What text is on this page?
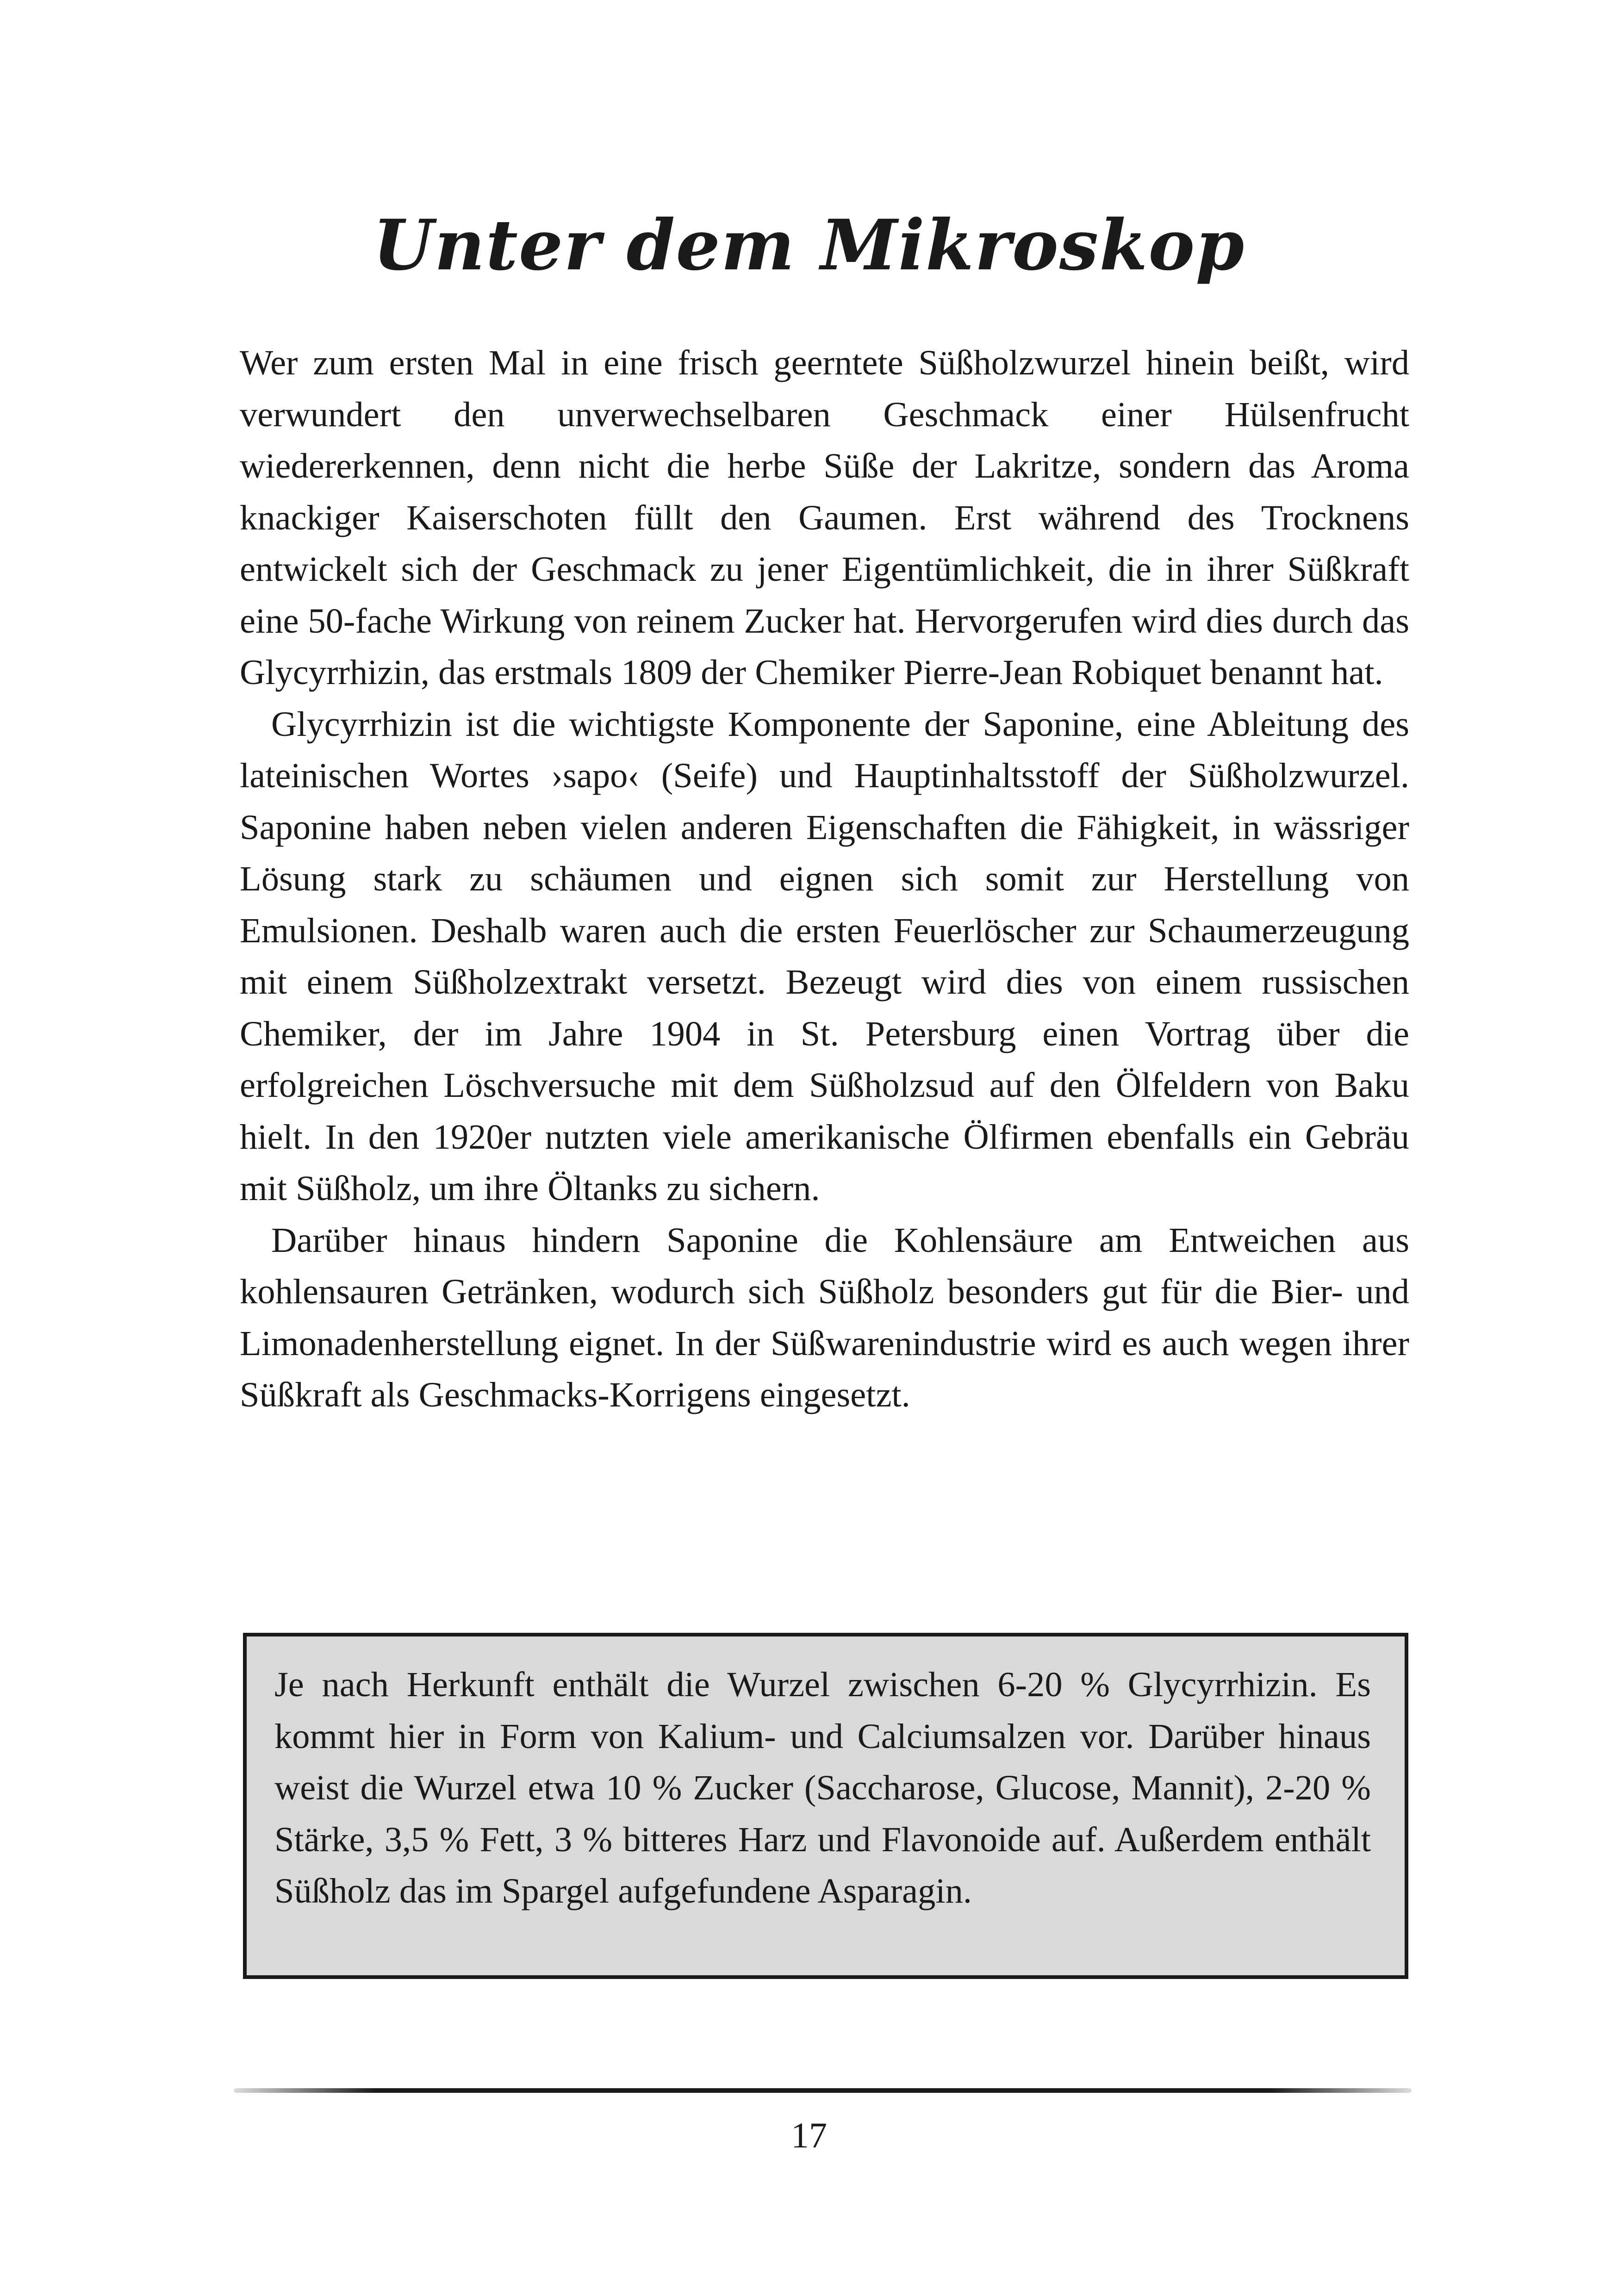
Unter dem Mikroskop

Wer zum ersten Mal in eine frisch geerntete Süßholzwurzel hinein beißt, wird verwundert den unverwechselbaren Geschmack einer Hülsenfrucht wiedererkennen, denn nicht die herbe Süße der Lakritze, sondern das Aroma knackiger Kaiserschoten füllt den Gaumen. Erst während des Trocknens entwickelt sich der Geschmack zu jener Eigentümlichkeit, die in ihrer Süßkraft eine 50-fache Wirkung von reinem Zucker hat. Hervorgerufen wird dies durch das Glycyrrhizin, das erstmals 1809 der Chemiker Pierre-Jean Robiquet benannt hat.

Glycyrrhizin ist die wichtigste Komponente der Saponine, eine Ableitung des lateinischen Wortes ›sapo‹ (Seife) und Hauptinhaltsstoff der Süßholzwurzel. Saponine haben neben vielen anderen Eigenschaften die Fähigkeit, in wässriger Lösung stark zu schäumen und eignen sich somit zur Herstellung von Emulsionen. Deshalb waren auch die ersten Feuerlöscher zur Schaumerzeugung mit einem Süßholzextrakt versetzt. Bezeugt wird dies von einem russischen Chemiker, der im Jahre 1904 in St. Petersburg einen Vortrag über die erfolgreichen Löschversuche mit dem Süßholzsud auf den Ölfeldern von Baku hielt. In den 1920er nutzten viele amerikanische Ölfirmen ebenfalls ein Gebräu mit Süßholz, um ihre Öltanks zu sichern.

Darüber hinaus hindern Saponine die Kohlensäure am Entweichen aus kohlensauren Getränken, wodurch sich Süßholz besonders gut für die Bier- und Limonadenherstellung eignet. In der Süßwarenindustrie wird es auch wegen ihrer Süßkraft als Geschmacks-Korrigens eingesetzt.

Je nach Herkunft enthält die Wurzel zwischen 6-20 % Glycyrrhizin. Es kommt hier in Form von Kalium- und Calciumsalzen vor. Darüber hinaus weist die Wurzel etwa 10 % Zucker (Saccharose, Glucose, Mannit), 2-20 % Stärke, 3,5 % Fett, 3 % bitteres Harz und Flavonoide auf. Außerdem enthält Süßholz das im Spargel aufgefundene Asparagin.

17
